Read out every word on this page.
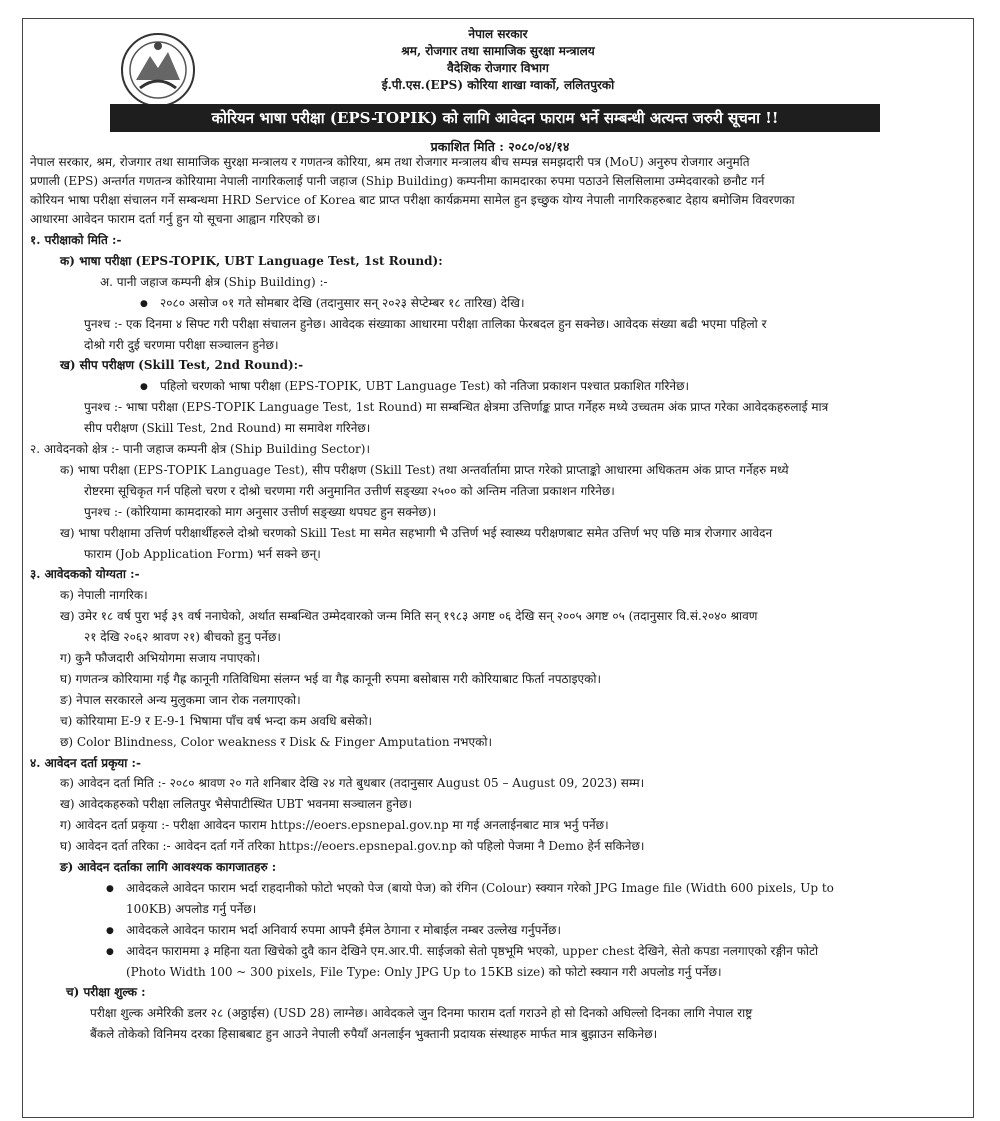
नेपाल सरकार
श्रम, रोजगार तथा सामाजिक सुरक्षा मन्त्रालय
वैदेशिक रोजगार विभाग
ई.पी.एस.(EPS) कोरिया शाखा ग्वार्को, ललितपुरको
कोरियन भाषा परीक्षा (EPS-TOPIK) को लागि आवेदन फाराम भर्ने सम्बन्धी अत्यन्त जरुरी सूचना !!
प्रकाशित मिति : २०८०/०४/१४
नेपाल सरकार, श्रम, रोजगार तथा सामाजिक सुरक्षा मन्त्रालय र गणतन्त्र कोरिया, श्रम तथा रोजगार मन्त्रालय बीच सम्पन्न समझदारी पत्र (MoU) अनुरुप रोजगार अनुमति
प्रणाली (EPS) अन्तर्गत गणतन्त्र कोरियामा नेपाली नागरिकलाई पानी जहाज (Ship Building) कम्पनीमा कामदारका रुपमा पठाउने सिलसिलामा उम्मेदवारको छनौट गर्न
कोरियन भाषा परीक्षा संचालन गर्ने सम्बन्धमा HRD Service of Korea बाट प्राप्त परीक्षा कार्यक्रममा सामेल हुन इच्छुक योग्य नेपाली नागरिकहरुबाट देहाय बमोजिम विवरणका
आधारमा आवेदन फाराम दर्ता गर्नु हुन यो सूचना आह्वान गरिएको छ।
१. परीक्षाको मिति :-
क) भाषा परीक्षा (EPS-TOPIK, UBT Language Test, 1st Round):
अ. पानी जहाज कम्पनी क्षेत्र (Ship Building) :-
● २०८० असोज ०१ गते सोमबार देखि (तदानुसार सन् २०२३ सेप्टेम्बर १८ तारिख) देखि।
पुनश्च :- एक दिनमा ४ सिफ्ट गरी परीक्षा संचालन हुनेछ। आवेदक संख्याका आधारमा परीक्षा तालिका फेरबदल हुन सक्नेछ। आवेदक संख्या बढी भएमा पहिलो र
दोश्रो गरी दुई चरणमा परीक्षा सञ्चालन हुनेछ।
ख) सीप परीक्षण (Skill Test, 2nd Round):-
● पहिलो चरणको भाषा परीक्षा (EPS-TOPIK, UBT Language Test) को नतिजा प्रकाशन पश्चात प्रकाशित गरिनेछ।
पुनश्च :- भाषा परीक्षा (EPS-TOPIK Language Test, 1st Round) मा सम्बन्धित क्षेत्रमा उत्तिर्णाङ्क प्राप्त गर्नेहरु मध्ये उच्चतम अंक प्राप्त गरेका आवेदकहरुलाई मात्र
सीप परीक्षण (Skill Test, 2nd Round) मा समावेश गरिनेछ।
२. आवेदनको क्षेत्र :- पानी जहाज कम्पनी क्षेत्र (Ship Building Sector)।
क) भाषा परीक्षा (EPS-TOPIK Language Test), सीप परीक्षण (Skill Test) तथा अन्तर्वार्तामा प्राप्त गरेको प्राप्ताङ्को आधारमा अधिकतम अंक प्राप्त गर्नेहरु मध्ये
रोष्टरमा सूचिकृत गर्न पहिलो चरण र दोश्रो चरणमा गरी अनुमानित उत्तीर्ण सङ्ख्या २५०० को अन्तिम नतिजा प्रकाशन गरिनेछ।
पुनश्च :- (कोरियामा कामदारको माग अनुसार उत्तीर्ण सङ्ख्या थपघट हुन सक्नेछ)।
ख) भाषा परीक्षामा उत्तिर्ण परीक्षार्थीहरुले दोश्रो चरणको Skill Test मा समेत सहभागी भै उत्तिर्ण भई स्वास्थ्य परीक्षणबाट समेत उत्तिर्ण भए पछि मात्र रोजगार आवेदन
फाराम (Job Application Form) भर्न सक्ने छन्।
३. आवेदकको योग्यता :-
क) नेपाली नागरिक।
ख) उमेर १८ वर्ष पुरा भई ३९ वर्ष ननाघेको, अर्थात सम्बन्धित उम्मेदवारको जन्म मिति सन् १९८३ अगष्ट ०६ देखि सन् २००५ अगष्ट ०५ (तदानुसार वि.सं.२०४० श्रावण
२१ देखि २०६२ श्रावण २१) बीचको हुनु पर्नेछ।
ग) कुनै फौजदारी अभियोगमा सजाय नपाएको।
घ) गणतन्त्र कोरियामा गई गैह्र कानूनी गतिविधिमा संलग्न भई वा गैह्र कानूनी रुपमा बसोबास गरी कोरियाबाट फिर्ता नपठाइएको।
ङ) नेपाल सरकारले अन्य मुलुकमा जान रोक नलगाएको।
च) कोरियामा E-9 र E-9-1 भिषामा पाँच वर्ष भन्दा कम अवधि बसेको।
छ) Color Blindness, Color weakness र Disk & Finger Amputation नभएको।
४. आवेदन दर्ता प्रकृया :-
क) आवेदन दर्ता मिति :- २०८० श्रावण २० गते शनिबार देखि २४ गते बुधबार (तदानुसार August 05 – August 09, 2023) सम्म।
ख) आवेदकहरुको परीक्षा ललितपुर भैसेपाटीस्थित UBT भवनमा सञ्चालन हुनेछ।
ग) आवेदन दर्ता प्रकृया :- परीक्षा आवेदन फाराम https://eoers.epsnepal.gov.np मा गई अनलाईनबाट मात्र भर्नु पर्नेछ।
घ) आवेदन दर्ता तरिका :- आवेदन दर्ता गर्ने तरिका https://eoers.epsnepal.gov.np को पहिलो पेजमा नै Demo हेर्न सकिनेछ।
ङ) आवेदन दर्ताका लागि आवश्यक कागजातहरु :
● आवेदकले आवेदन फाराम भर्दा राहदानीको फोटो भएको पेज (बायो पेज) को रंगिन (Colour) स्क्यान गरेको JPG Image file (Width 600 pixels, Up to
100KB) अपलोड गर्नु पर्नेछ।
● आवेदकले आवेदन फाराम भर्दा अनिवार्य रुपमा आफ्नै ईमेल ठेगाना र मोबाईल नम्बर उल्लेख गर्नुपर्नेछ।
● आवेदन फाराममा ३ महिना यता खिचेको दुवै कान देखिने एम.आर.पी. साईजको सेतो पृष्ठभूमि भएको, upper chest देखिने, सेतो कपडा नलगाएको रङ्गीन फोटो
(Photo Width 100 ~ 300 pixels, File Type: Only JPG Up to 15KB size) को फोटो स्क्यान गरी अपलोड गर्नु पर्नेछ।
च) परीक्षा शुल्क :
परीक्षा शुल्क अमेरिकी डलर २८ (अठ्ठाईस) (USD 28) लाग्नेछ। आवेदकले जुन दिनमा फाराम दर्ता गराउने हो सो दिनको अघिल्लो दिनका लागि नेपाल राष्ट्र
बैंकले तोकेको विनिमय दरका हिसाबबाट हुन आउने नेपाली रुपैयाँ अनलाईन भुक्तानी प्रदायक संस्थाहरु मार्फत मात्र बुझाउन सकिनेछ।
